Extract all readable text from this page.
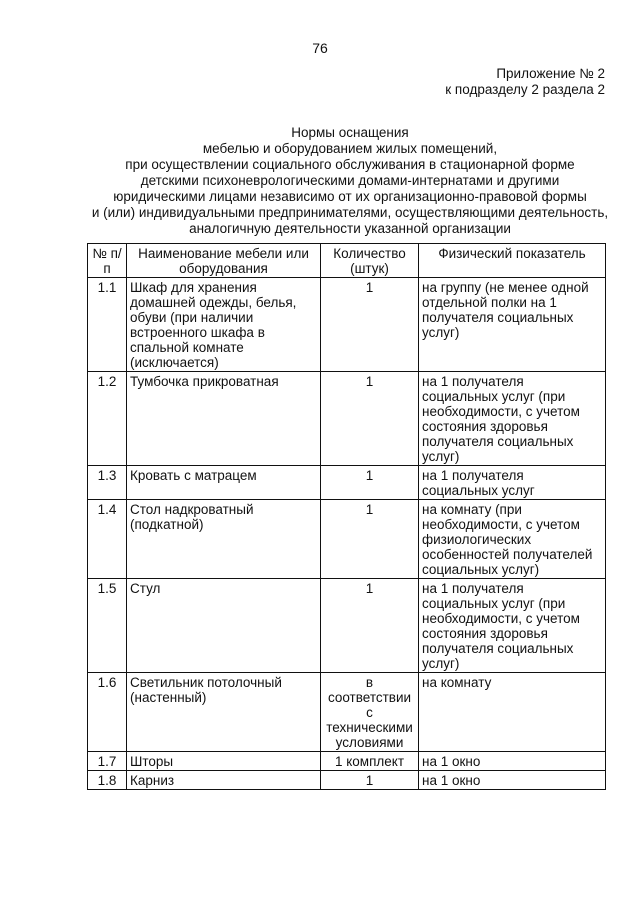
76
Приложение № 2
к подразделу 2 раздела 2
Нормы оснащения
мебелью и оборудованием жилых помещений,
при осуществлении социального обслуживания в стационарной форме
детскими психоневрологическими домами-интернатами и другими
юридическими лицами независимо от их организационно-правовой формы
и (или) индивидуальными предпринимателями, осуществляющими деятельность,
аналогичную деятельности указанной организации
№ п/п	Наименование мебели или оборудования	Количество (штук)	Физический показатель
1.1	Шкаф для хранения домашней одежды, белья, обуви (при наличии встроенного шкафа в спальной комнате (исключается)	1	на группу (не менее одной отдельной полки на 1 получателя социальных услуг)
1.2	Тумбочка прикроватная	1	на 1 получателя социальных услуг (при необходимости, с учетом состояния здоровья получателя социальных услуг)
1.3	Кровать с матрацем	1	на 1 получателя социальных услуг
1.4	Стол надкроватный (подкатной)	1	на комнату (при необходимости, с учетом физиологических особенностей получателей социальных услуг)
1.5	Стул	1	на 1 получателя социальных услуг (при необходимости, с учетом состояния здоровья получателя социальных услуг)
1.6	Светильник потолочный (настенный)	в соответствии с техническими условиями	на комнату
1.7	Шторы	1 комплект	на 1 окно
1.8	Карниз	1	на 1 окно
